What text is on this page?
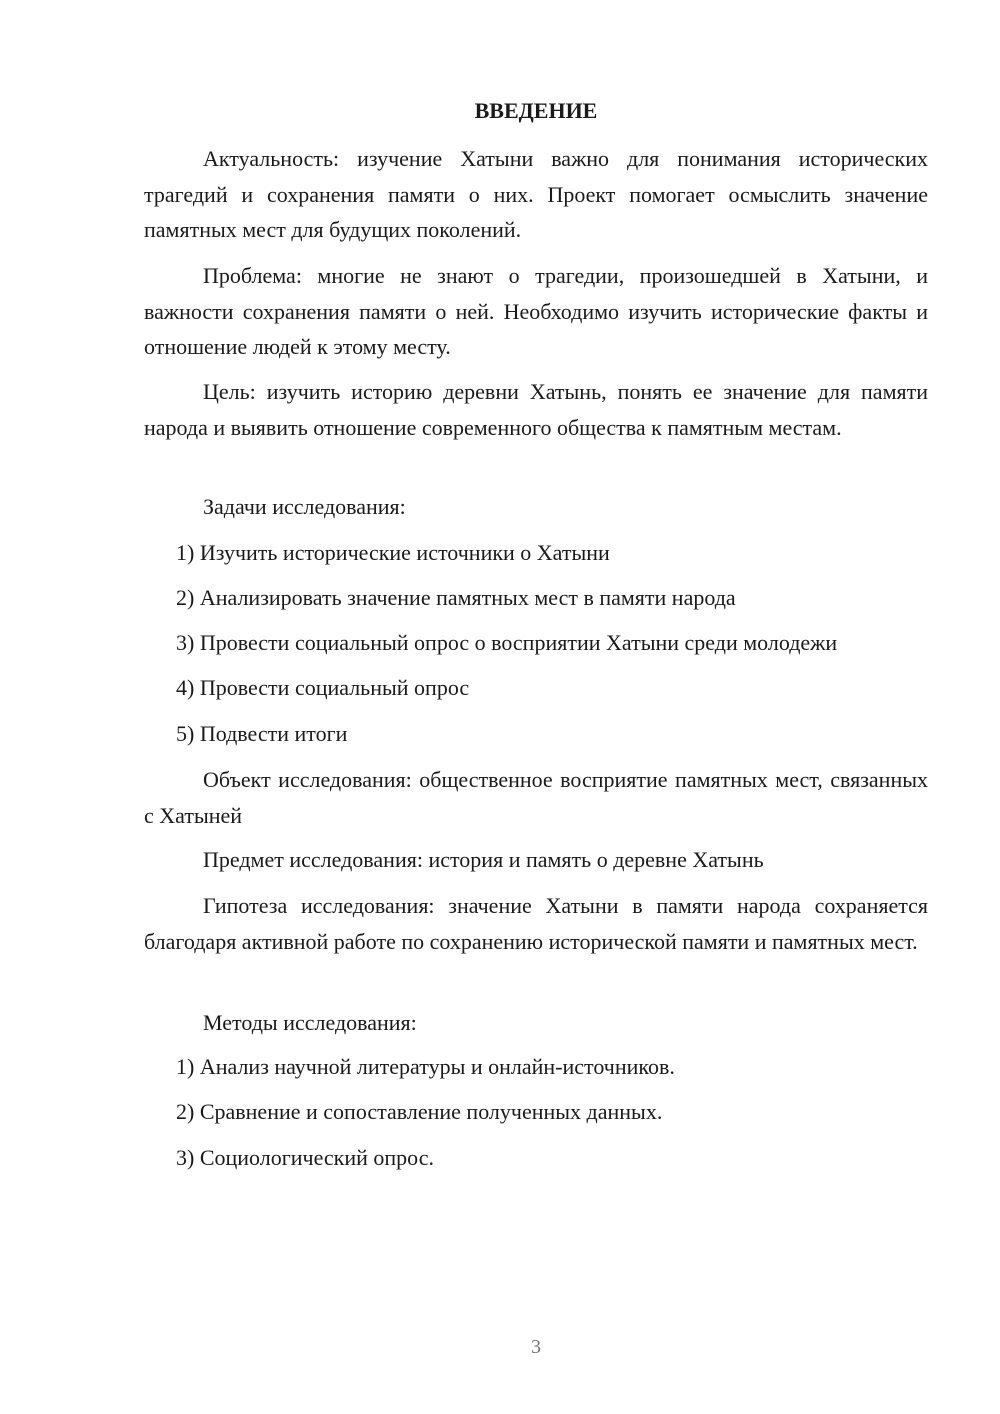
ВВЕДЕНИЕ

Актуальность: изучение Хатыни важно для понимания исторических трагедий и сохранения памяти о них. Проект помогает осмыслить значение памятных мест для будущих поколений.

Проблема: многие не знают о трагедии, произошедшей в Хатыни, и важности сохранения памяти о ней. Необходимо изучить исторические факты и отношение людей к этому месту.

Цель: изучить историю деревни Хатынь, понять ее значение для памяти народа и выявить отношение современного общества к памятным местам.

Задачи исследования:

1) Изучить исторические источники о Хатыни

2) Анализировать значение памятных мест в памяти народа

3) Провести социальный опрос о восприятии Хатыни среди молодежи

4) Провести социальный опрос

5) Подвести итоги

Объект исследования: общественное восприятие памятных мест, связанных с Хатыней

Предмет исследования: история и память о деревне Хатынь

Гипотеза исследования: значение Хатыни в памяти народа сохраняется благодаря активной работе по сохранению исторической памяти и памятных мест.

Методы исследования:

1) Анализ научной литературы и онлайн-источников.

2) Сравнение и сопоставление полученных данных.

3) Социологический опрос.

3
